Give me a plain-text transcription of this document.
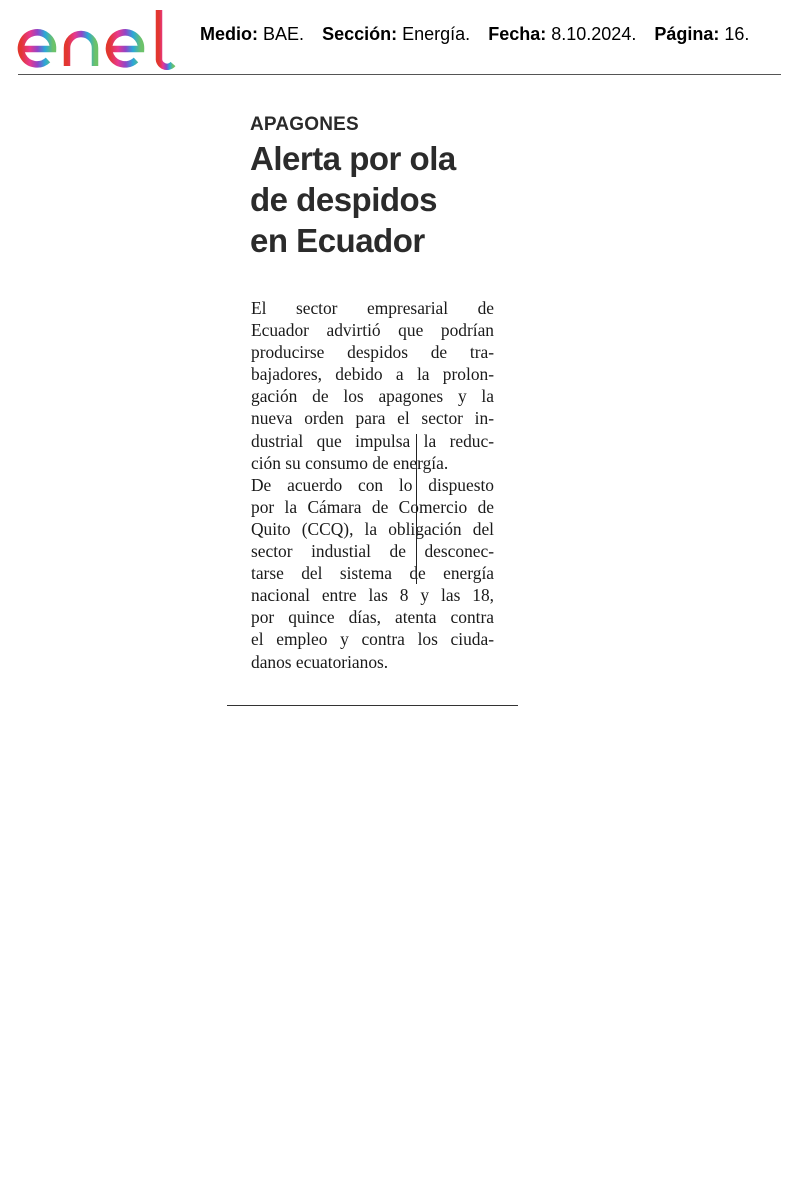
Medio: BAE. Sección: Energía. Fecha: 8.10.2024. Página: 16.
APAGONES
Alerta por ola
de despidos
en Ecuador
El sector empresarial de
Ecuador advirtió que podrían
producirse despidos de tra-
bajadores, debido a la prolon-
gación de los apagones y la
nueva orden para el sector in-
dustrial que impulsa la reduc-
ción su consumo de energía.
De acuerdo con lo dispuesto
por la Cámara de Comercio de
Quito (CCQ), la obligación del
sector industial de desconec-
tarse del sistema de energía
nacional entre las 8 y las 18,
por quince días, atenta contra
el empleo y contra los ciuda-
danos ecuatorianos.
